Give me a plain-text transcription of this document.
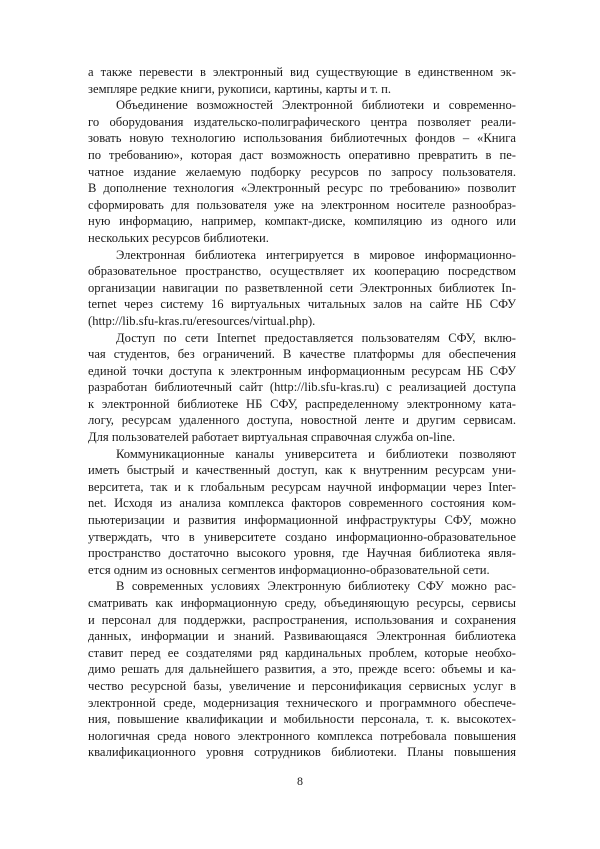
а также перевести в электронный вид существующие в единственном эк-
земпляре редкие книги, рукописи, картины, карты и т. п.
Объединение возможностей Электронной библиотеки и современно-
го оборудования издательско-полиграфического центра позволяет реали-
зовать новую технологию использования библиотечных фондов – «Книга
по требованию», которая даст возможность оперативно превратить в пе-
чатное издание желаемую подборку ресурсов по запросу пользователя.
В дополнение технология «Электронный ресурс по требованию» позволит
сформировать для пользователя уже на электронном носителе разнообраз-
ную информацию, например, компакт-диске, компиляцию из одного или
нескольких ресурсов библиотеки.
Электронная библиотека интегрируется в мировое информационно-
образовательное пространство, осуществляет их кооперацию посредством
организации навигации по разветвленной сети Электронных библиотек In-
ternet через систему 16 виртуальных читальных залов на сайте НБ СФУ
(http://lib.sfu-kras.ru/eresources/virtual.php).
Доступ по сети Internet предоставляется пользователям СФУ, вклю-
чая студентов, без ограничений. В качестве платформы для обеспечения
единой точки доступа к электронным информационным ресурсам НБ СФУ
разработан библиотечный сайт (http://lib.sfu-kras.ru) с реализацией доступа
к электронной библиотеке НБ СФУ, распределенному электронному ката-
логу, ресурсам удаленного доступа, новостной ленте и другим сервисам.
Для пользователей работает виртуальная справочная служба on-line.
Коммуникационные каналы университета и библиотеки позволяют
иметь быстрый и качественный доступ, как к внутренним ресурсам уни-
верситета, так и к глобальным ресурсам научной информации через Inter-
net. Исходя из анализа комплекса факторов современного состояния ком-
пьютеризации и развития информационной инфраструктуры СФУ, можно
утверждать, что в университете создано информационно-образовательное
пространство достаточно высокого уровня, где Научная библиотека явля-
ется одним из основных сегментов информационно-образовательной сети.
В современных условиях Электронную библиотеку СФУ можно рас-
сматривать как информационную среду, объединяющую ресурсы, сервисы
и персонал для поддержки, распространения, использования и сохранения
данных, информации и знаний. Развивающаяся Электронная библиотека
ставит перед ее создателями ряд кардинальных проблем, которые необхо-
димо решать для дальнейшего развития, а это, прежде всего: объемы и ка-
чество ресурсной базы, увеличение и персонификация сервисных услуг в
электронной среде, модернизация технического и программного обеспече-
ния, повышение квалификации и мобильности персонала, т. к. высокотех-
нологичная среда нового электронного комплекса потребовала повышения
квалификационного уровня сотрудников библиотеки. Планы повышения
8
